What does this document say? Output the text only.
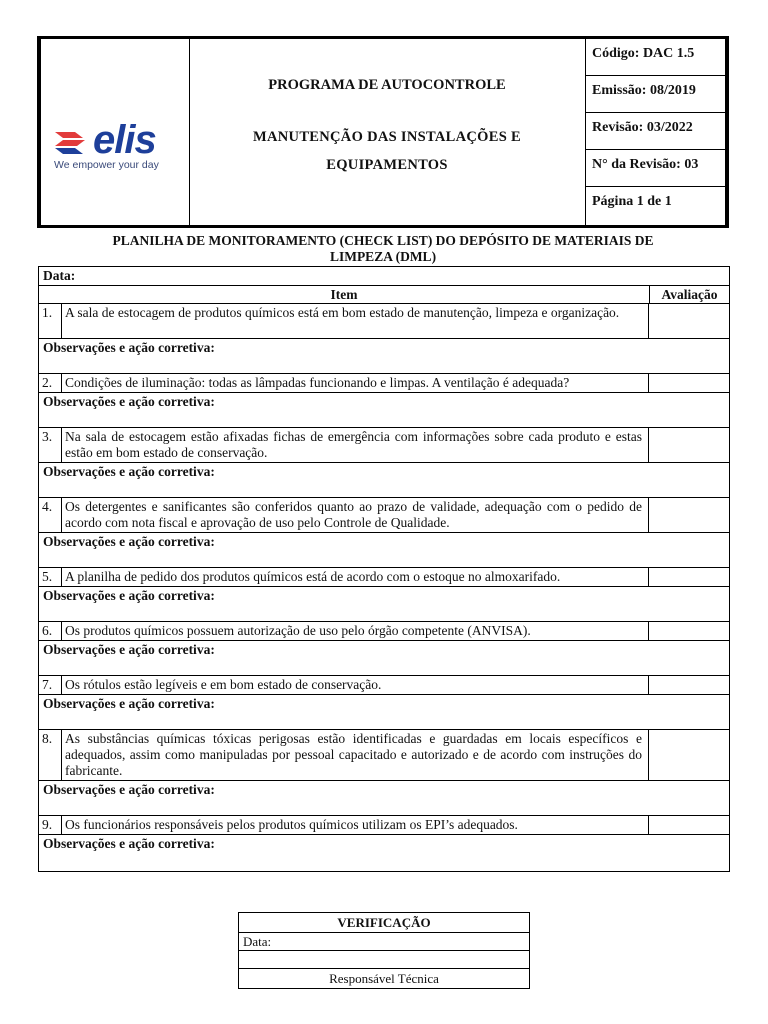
elis
We empower your day
PROGRAMA DE AUTOCONTROLE
MANUTENÇÃO DAS INSTALAÇÕES E
EQUIPAMENTOS
Código: DAC 1.5
Emissão: 08/2019
Revisão: 03/2022
N° da Revisão: 03
Página 1 de 1
PLANILHA DE MONITORAMENTO (CHECK LIST) DO DEPÓSITO DE MATERIAIS DE
LIMPEZA (DML)
Data:
Item	Avaliação
1. A sala de estocagem de produtos químicos está em bom estado de manutenção, limpeza e organização.
Observações e ação corretiva:
2. Condições de iluminação: todas as lâmpadas funcionando e limpas. A ventilação é adequada?
Observações e ação corretiva:
3. Na sala de estocagem estão afixadas fichas de emergência com informações sobre cada produto e estas estão em bom estado de conservação.
Observações e ação corretiva:
4. Os detergentes e sanificantes são conferidos quanto ao prazo de validade, adequação com o pedido de acordo com nota fiscal e aprovação de uso pelo Controle de Qualidade.
Observações e ação corretiva:
5. A planilha de pedido dos produtos químicos está de acordo com o estoque no almoxarifado.
Observações e ação corretiva:
6. Os produtos químicos possuem autorização de uso pelo órgão competente (ANVISA).
Observações e ação corretiva:
7. Os rótulos estão legíveis e em bom estado de conservação.
Observações e ação corretiva:
8. As substâncias químicas tóxicas perigosas estão identificadas e guardadas em locais específicos e adequados, assim como manipuladas por pessoal capacitado e autorizado e de acordo com instruções do fabricante.
Observações e ação corretiva:
9. Os funcionários responsáveis pelos produtos químicos utilizam os EPI’s adequados.
Observações e ação corretiva:
VERIFICAÇÃO
Data:
Responsável Técnica
